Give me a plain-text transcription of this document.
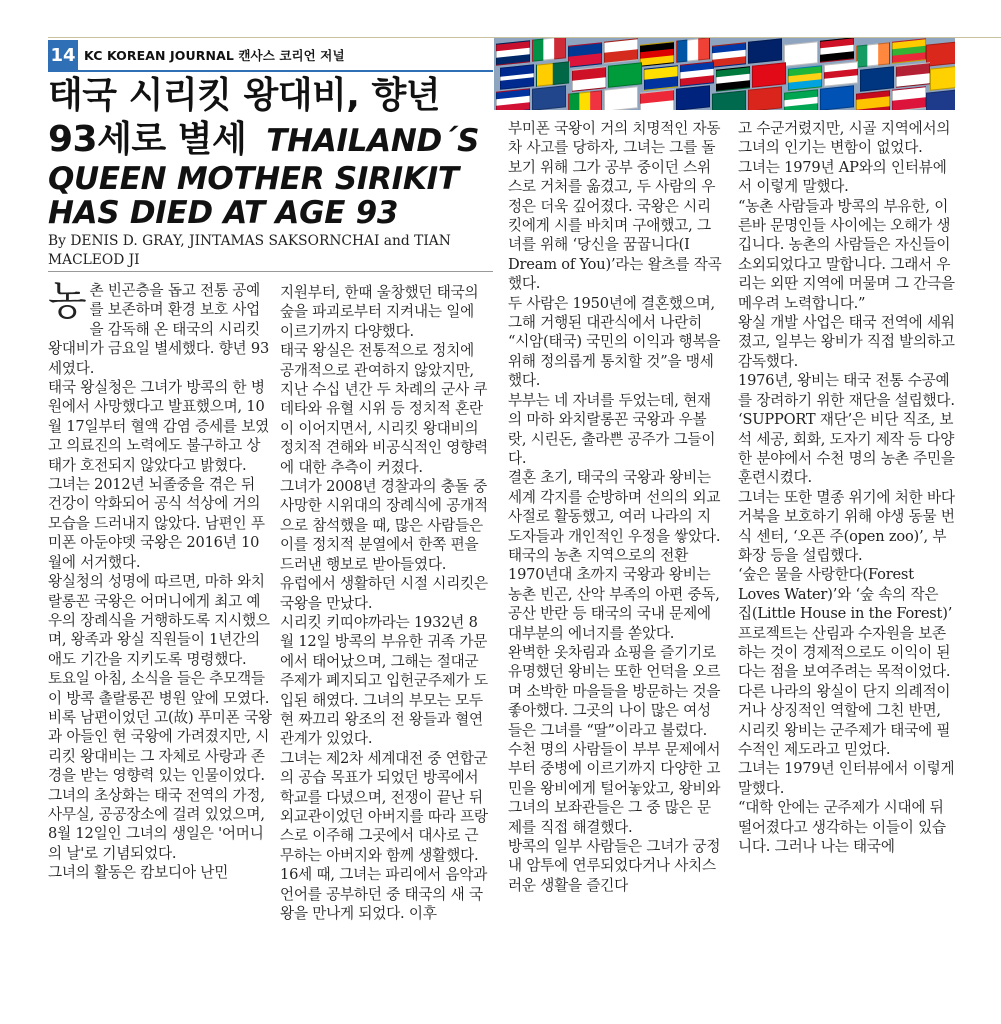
14 KC KOREAN JOURNAL 캔사스 코리언 저널
태국 시리킷 왕대비, 향년
93세로 별세 THAILAND´S
QUEEN MOTHER SIRIKIT HAS DIED AT AGE 93
By DENIS D. GRAY, JINTAMAS SAKSORNCHAI and TIAN MACLEOD JI

농촌 빈곤층을 돕고 전통 공예를 보존하며 환경 보호 사업을 감독해 온 태국의 시리킷 왕대비가 금요일 별세했다. 향년 93세였다.

태국 왕실청은 그녀가 방콕의 한 병원에서 사망했다고 발표했으며, 10월 17일부터 혈액 감염 증세를 보였고 의료진의 노력에도 불구하고 상태가 호전되지 않았다고 밝혔다.

그녀는 2012년 뇌졸중을 겪은 뒤 건강이 악화되어 공식 석상에 거의 모습을 드러내지 않았다. 남편인 푸미폰 아둔야뎃 국왕은 2016년 10월에 서거했다.

왕실청의 성명에 따르면, 마하 와치랄롱꼰 국왕은 어머니에게 최고 예우의 장례식을 거행하도록 지시했으며, 왕족과 왕실 직원들이 1년간의 애도 기간을 지키도록 명령했다.

토요일 아침, 소식을 들은 추모객들이 방콕 촐랄롱꼰 병원 앞에 모였다.

비록 남편이었던 고(故) 푸미폰 국왕과 아들인 현 국왕에 가려졌지만, 시리킷 왕대비는 그 자체로 사랑과 존경을 받는 영향력 있는 인물이었다.

그녀의 초상화는 태국 전역의 가정, 사무실, 공공장소에 걸려 있었으며, 8월 12일인 그녀의 생일은 '어머니의 날'로 기념되었다.

그녀의 활동은 캄보디아 난민

지원부터, 한때 울창했던 태국의 숲을 파괴로부터 지켜내는 일에 이르기까지 다양했다.

태국 왕실은 전통적으로 정치에 공개적으로 관여하지 않았지만, 지난 수십 년간 두 차례의 군사 쿠데타와 유혈 시위 등 정치적 혼란이 이어지면서, 시리킷 왕대비의 정치적 견해와 비공식적인 영향력에 대한 추측이 커졌다.

그녀가 2008년 경찰과의 충돌 중 사망한 시위대의 장례식에 공개적으로 참석했을 때, 많은 사람들은 이를 정치적 분열에서 한쪽 편을 드러낸 행보로 받아들였다.

유럽에서 생활하던 시절 시리킷은 국왕을 만났다.

시리킷 키띠야까라는 1932년 8월 12일 방콕의 부유한 귀족 가문에서 태어났으며, 그해는 절대군주제가 폐지되고 입헌군주제가 도입된 해였다. 그녀의 부모는 모두 현 짜끄리 왕조의 전 왕들과 혈연관계가 있었다.

그녀는 제2차 세계대전 중 연합군의 공습 목표가 되었던 방콕에서 학교를 다녔으며, 전쟁이 끝난 뒤 외교관이었던 아버지를 따라 프랑스로 이주해 그곳에서 대사로 근무하는 아버지와 함께 생활했다.

16세 때, 그녀는 파리에서 음악과 언어를 공부하던 중 태국의 새 국왕을 만나게 되었다. 이후

부미폰 국왕이 거의 치명적인 자동차 사고를 당하자, 그녀는 그를 돌보기 위해 그가 공부 중이던 스위스로 거처를 옮겼고, 두 사람의 우정은 더욱 깊어졌다. 국왕은 시리킷에게 시를 바치며 구애했고, 그녀를 위해 ‘당신을 꿈꿉니다(I Dream of You)’라는 왈츠를 작곡했다.

두 사람은 1950년에 결혼했으며, 그해 거행된 대관식에서 나란히 “시암(태국) 국민의 이익과 행복을 위해 정의롭게 통치할 것”을 맹세했다.

부부는 네 자녀를 두었는데, 현재의 마하 와치랄롱꼰 국왕과 우볼랏, 시린돈, 출라쁜 공주가 그들이다.

결혼 초기, 태국의 국왕과 왕비는 세계 각지를 순방하며 선의의 외교 사절로 활동했고, 여러 나라의 지도자들과 개인적인 우정을 쌓았다.

태국의 농촌 지역으로의 전환 1970년대 초까지 국왕과 왕비는 농촌 빈곤, 산악 부족의 아편 중독, 공산 반란 등 태국의 국내 문제에 대부분의 에너지를 쏟았다.

완벽한 옷차림과 쇼핑을 즐기기로 유명했던 왕비는 또한 언덕을 오르며 소박한 마을들을 방문하는 것을 좋아했다. 그곳의 나이 많은 여성들은 그녀를 “딸”이라고 불렀다.

수천 명의 사람들이 부부 문제에서부터 중병에 이르기까지 다양한 고민을 왕비에게 털어놓았고, 왕비와 그녀의 보좌관들은 그 중 많은 문제를 직접 해결했다.

방콕의 일부 사람들은 그녀가 궁정 내 암투에 연루되었다거나 사치스러운 생활을 즐긴다

고 수군거렸지만, 시골 지역에서의 그녀의 인기는 변함이 없었다.

그녀는 1979년 AP와의 인터뷰에서 이렇게 말했다.

“농촌 사람들과 방콕의 부유한, 이른바 문명인들 사이에는 오해가 생깁니다. 농촌의 사람들은 자신들이 소외되었다고 말합니다. 그래서 우리는 외딴 지역에 머물며 그 간극을 메우려 노력합니다.”

왕실 개발 사업은 태국 전역에 세워졌고, 일부는 왕비가 직접 발의하고 감독했다.

1976년, 왕비는 태국 전통 수공예를 장려하기 위한 재단을 설립했다. ‘SUPPORT 재단’은 비단 직조, 보석 세공, 회화, 도자기 제작 등 다양한 분야에서 수천 명의 농촌 주민을 훈련시켰다.

그녀는 또한 멸종 위기에 처한 바다거북을 보호하기 위해 야생 동물 번식 센터, ‘오픈 주(open zoo)’, 부화장 등을 설립했다.

‘숲은 물을 사랑한다(Forest Loves Water)’와 ‘숲 속의 작은 집(Little House in the Forest)’ 프로젝트는 산림과 수자원을 보존하는 것이 경제적으로도 이익이 된다는 점을 보여주려는 목적이었다.

다른 나라의 왕실이 단지 의례적이거나 상징적인 역할에 그친 반면, 시리킷 왕비는 군주제가 태국에 필수적인 제도라고 믿었다.

그녀는 1979년 인터뷰에서 이렇게 말했다.

“대학 안에는 군주제가 시대에 뒤떨어졌다고 생각하는 이들이 있습니다. 그러나 나는 태국에
